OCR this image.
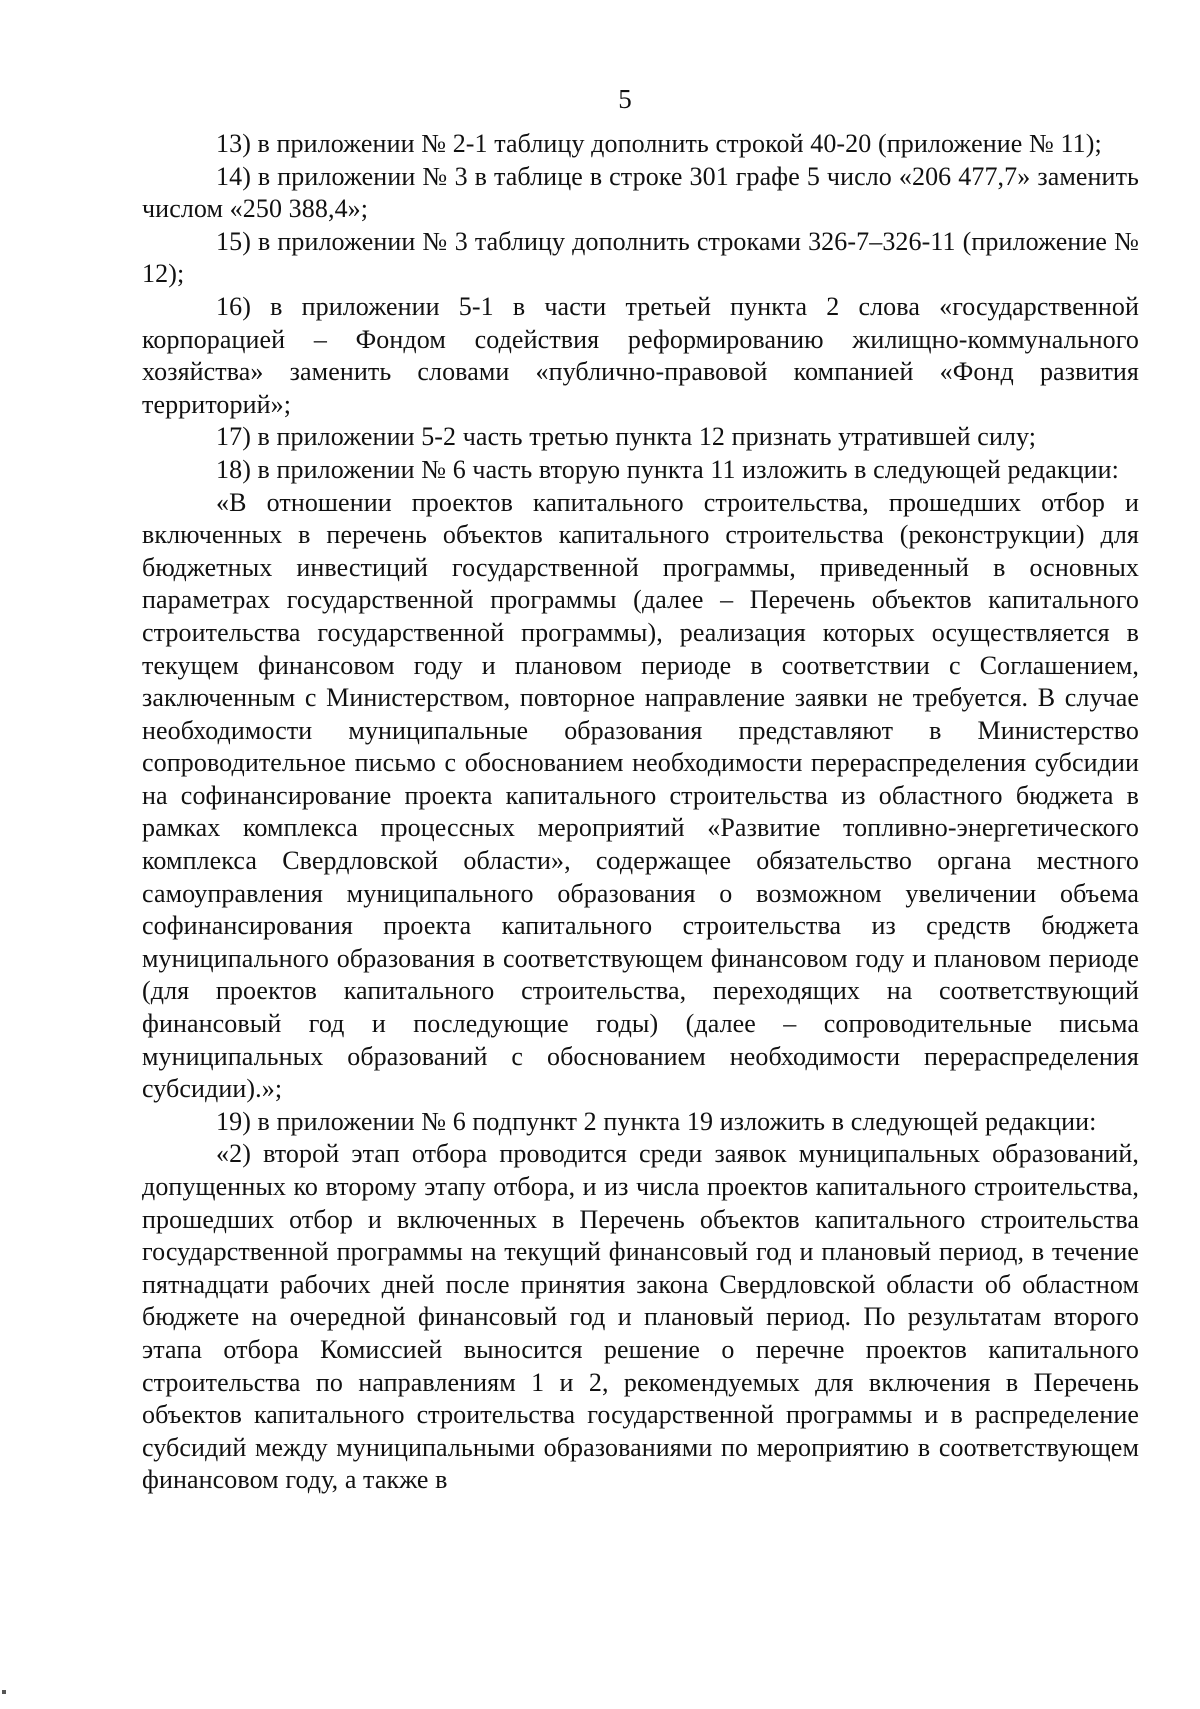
5

13) в приложении № 2-1 таблицу дополнить строкой 40-20 (приложение № 11);

14) в приложении № 3 в таблице в строке 301 графе 5 число «206 477,7» заменить числом «250 388,4»;

15) в приложении № 3 таблицу дополнить строками 326-7–326-11 (приложение № 12);

16) в приложении 5-1 в части третьей пункта 2 слова «государственной корпорацией – Фондом содействия реформированию жилищно-коммунального хозяйства» заменить словами «публично-правовой компанией «Фонд развития территорий»;

17) в приложении 5-2 часть третью пункта 12 признать утратившей силу;

18) в приложении № 6 часть вторую пункта 11 изложить в следующей редакции:

«В отношении проектов капитального строительства, прошедших отбор и включенных в перечень объектов капитального строительства (реконструкции) для бюджетных инвестиций государственной программы, приведенный в основных параметрах государственной программы (далее – Перечень объектов капитального строительства государственной программы), реализация которых осуществляется в текущем финансовом году и плановом периоде в соответствии с Соглашением, заключенным с Министерством, повторное направление заявки не требуется. В случае необходимости муниципальные образования представляют в Министерство сопроводительное письмо с обоснованием необходимости перераспределения субсидии на софинансирование проекта капитального строительства из областного бюджета в рамках комплекса процессных мероприятий «Развитие топливно-энергетического комплекса Свердловской области», содержащее обязательство органа местного самоуправления муниципального образования о возможном увеличении объема софинансирования проекта капитального строительства из средств бюджета муниципального образования в соответствующем финансовом году и плановом периоде (для проектов капитального строительства, переходящих на соответствующий финансовый год и последующие годы) (далее – сопроводительные письма муниципальных образований с обоснованием необходимости перераспределения субсидии).»;

19) в приложении № 6 подпункт 2 пункта 19 изложить в следующей редакции:

«2) второй этап отбора проводится среди заявок муниципальных образований, допущенных ко второму этапу отбора, и из числа проектов капитального строительства, прошедших отбор и включенных в Перечень объектов капитального строительства государственной программы на текущий финансовый год и плановый период, в течение пятнадцати рабочих дней после принятия закона Свердловской области об областном бюджете на очередной финансовый год и плановый период. По результатам второго этапа отбора Комиссией выносится решение о перечне проектов капитального строительства по направлениям 1 и 2, рекомендуемых для включения в Перечень объектов капитального строительства государственной программы и в распределение субсидий между муниципальными образованиями по мероприятию в соответствующем финансовом году, а также в
